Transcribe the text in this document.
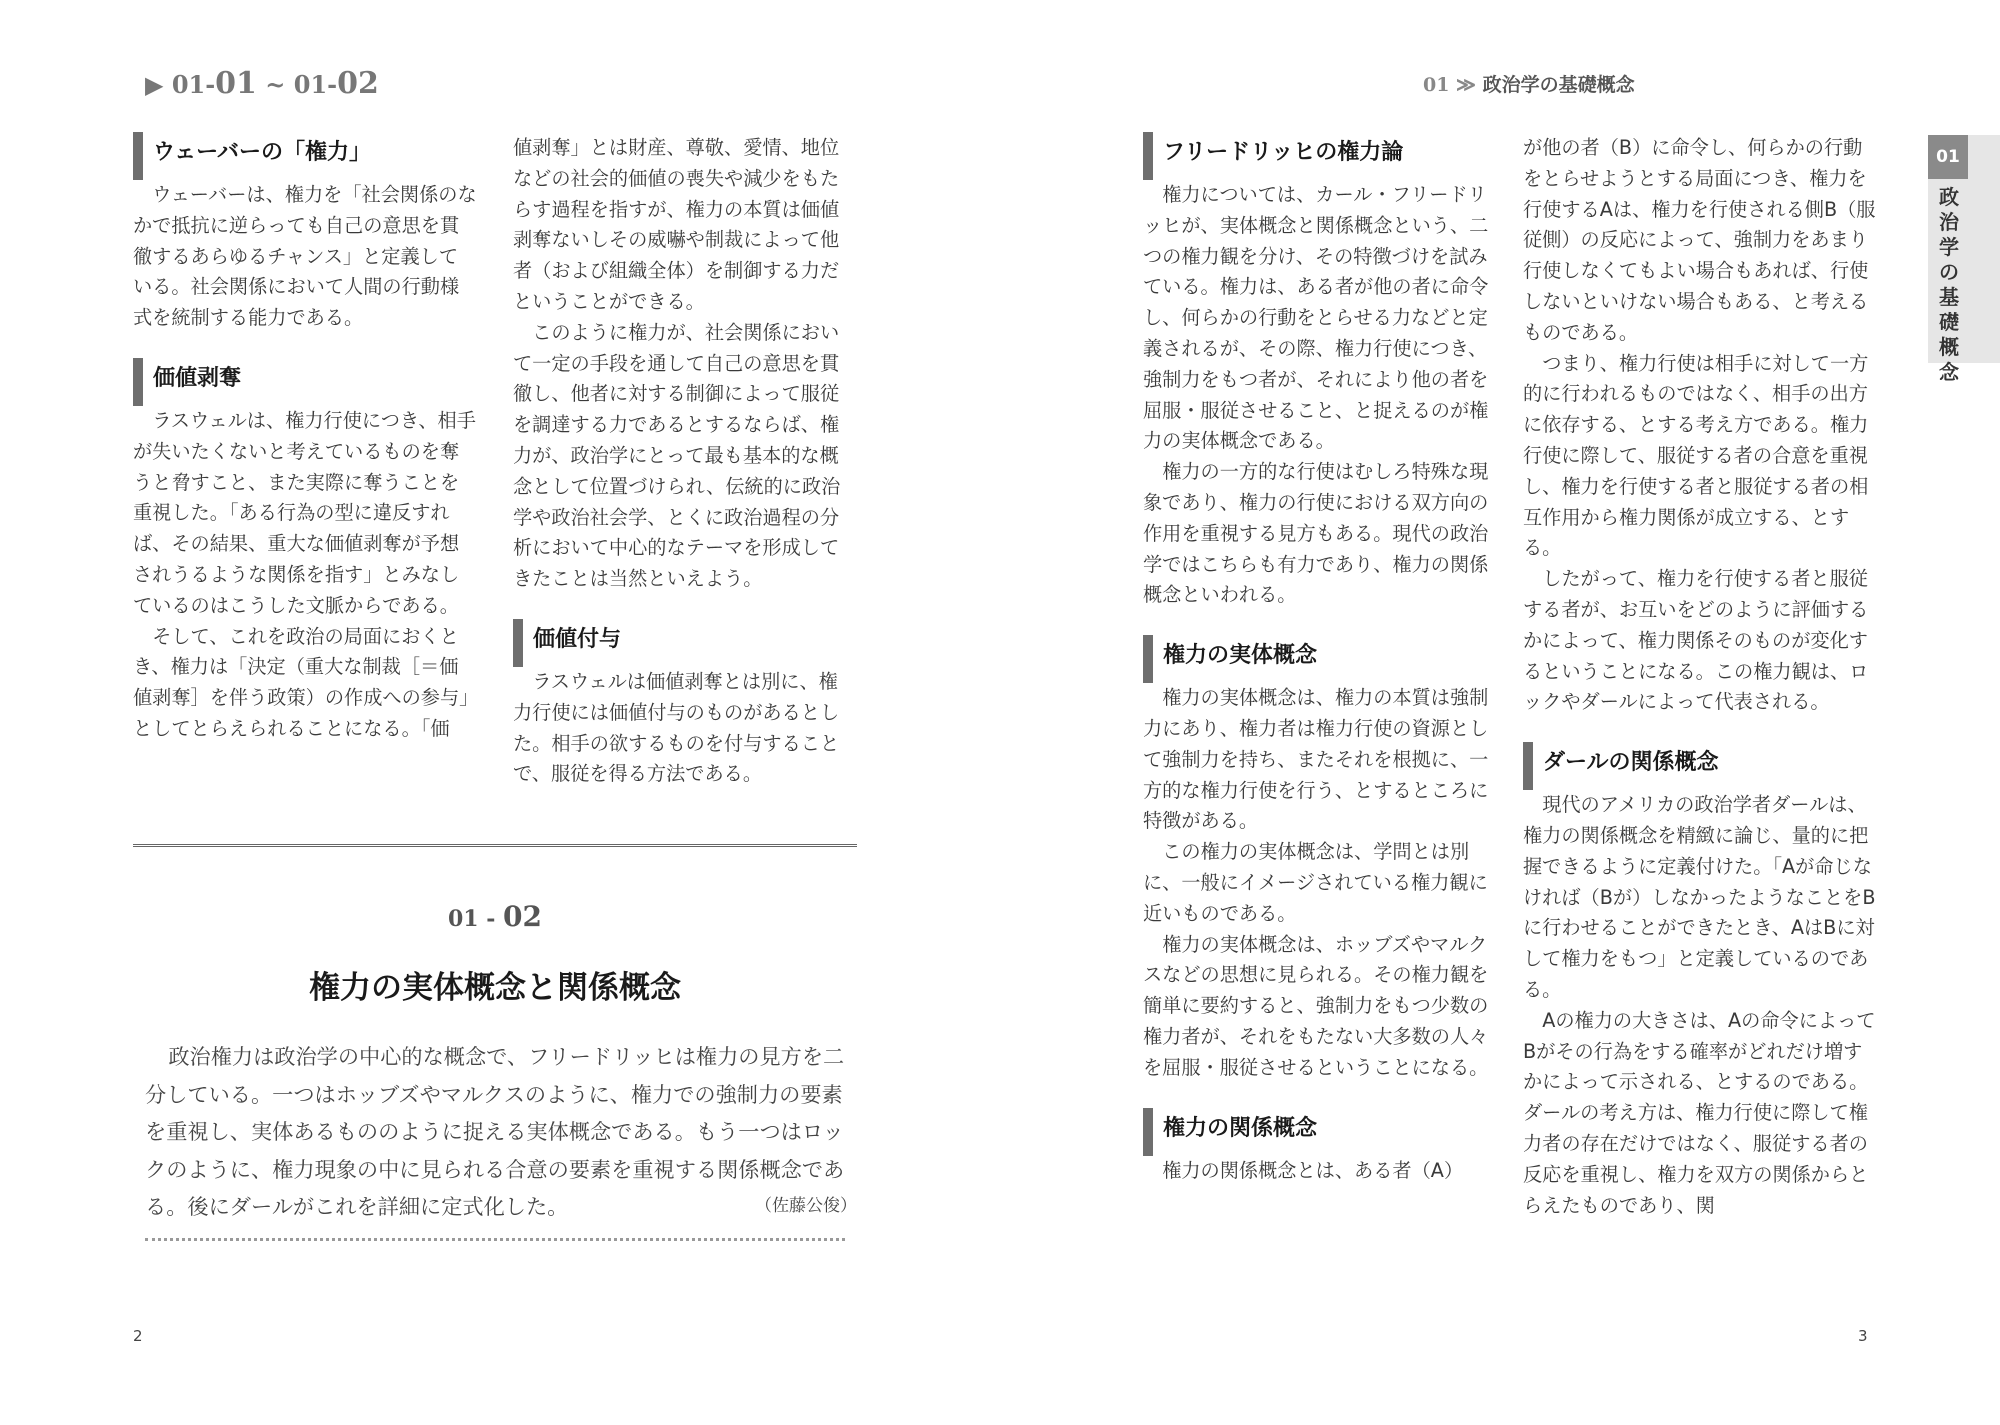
▶ 01-01 ~ 01-02	01 ≫ 政治学の基礎概念
01
政治学の基礎概念
ウェーバーの「権力」

ウェーバーは、権力を「社会関係のなかで抵抗に逆らっても自己の意思を貫徹するあらゆるチャンス」と定義している。社会関係において人間の行動様式を統制する能力である。

価値剥奪

ラスウェルは、権力行使につき、相手が失いたくないと考えているものを奪うと脅すこと、また実際に奪うことを重視した。「ある行為の型に違反すれば、その結果、重大な価値剥奪が予想されうるような関係を指す」とみなしているのはこうした文脈からである。

そして、これを政治の局面におくとき、権力は「決定（重大な制裁［＝価値剥奪］を伴う政策）の作成への参与」としてとらえられることになる。「価

値剥奪」とは財産、尊敬、愛情、地位などの社会的価値の喪失や減少をもたらす過程を指すが、権力の本質は価値剥奪ないしその威嚇や制裁によって他者（および組織全体）を制御する力だということができる。

このように権力が、社会関係において一定の手段を通して自己の意思を貫徹し、他者に対する制御によって服従を調達する力であるとするならば、権力が、政治学にとって最も基本的な概念として位置づけられ、伝統的に政治学や政治社会学、とくに政治過程の分析において中心的なテーマを形成してきたことは当然といえよう。

価値付与

ラスウェルは価値剥奪とは別に、権力行使には価値付与のものがあるとした。相手の欲するものを付与することで、服従を得る方法である。

01 - 02
権力の実体概念と関係概念

政治権力は政治学の中心的な概念で、フリードリッヒは権力の見方を二分している。一つはホッブズやマルクスのように、権力での強制力の要素を重視し、実体あるもののように捉える実体概念である。もう一つはロックのように、権力現象の中に見られる合意の要素を重視する関係概念である。後にダールがこれを詳細に定式化した。	（佐藤公俊）

フリードリッヒの権力論

権力については、カール・フリードリッヒが、実体概念と関係概念という、二つの権力観を分け、その特徴づけを試みている。権力は、ある者が他の者に命令し、何らかの行動をとらせる力などと定義されるが、その際、権力行使につき、強制力をもつ者が、それにより他の者を屈服・服従させること、と捉えるのが権力の実体概念である。

権力の一方的な行使はむしろ特殊な現象であり、権力の行使における双方向の作用を重視する見方もある。現代の政治学ではこちらも有力であり、権力の関係概念といわれる。

権力の実体概念

権力の実体概念は、権力の本質は強制力にあり、権力者は権力行使の資源として強制力を持ち、またそれを根拠に、一方的な権力行使を行う、とするところに特徴がある。

この権力の実体概念は、学問とは別に、一般にイメージされている権力観に近いものである。

権力の実体概念は、ホッブズやマルクスなどの思想に見られる。その権力観を簡単に要約すると、強制力をもつ少数の権力者が、それをもたない大多数の人々を屈服・服従させるということになる。

権力の関係概念

権力の関係概念とは、ある者（A）

が他の者（B）に命令し、何らかの行動をとらせようとする局面につき、権力を行使するAは、権力を行使される側B（服従側）の反応によって、強制力をあまり行使しなくてもよい場合もあれば、行使しないといけない場合もある、と考えるものである。

つまり、権力行使は相手に対して一方的に行われるものではなく、相手の出方に依存する、とする考え方である。権力行使に際して、服従する者の合意を重視し、権力を行使する者と服従する者の相互作用から権力関係が成立する、とする。

したがって、権力を行使する者と服従する者が、お互いをどのように評価するかによって、権力関係そのものが変化するということになる。この権力観は、ロックやダールによって代表される。

ダールの関係概念

現代のアメリカの政治学者ダールは、権力の関係概念を精緻に論じ、量的に把握できるように定義付けた。「Aが命じなければ（Bが）しなかったようなことをBに行わせることができたとき、AはBに対して権力をもつ」と定義しているのである。

Aの権力の大きさは、Aの命令によってBがその行為をする確率がどれだけ増すかによって示される、とするのである。ダールの考え方は、権力行使に際して権力者の存在だけではなく、服従する者の反応を重視し、権力を双方の関係からとらえたものであり、関

2	3
